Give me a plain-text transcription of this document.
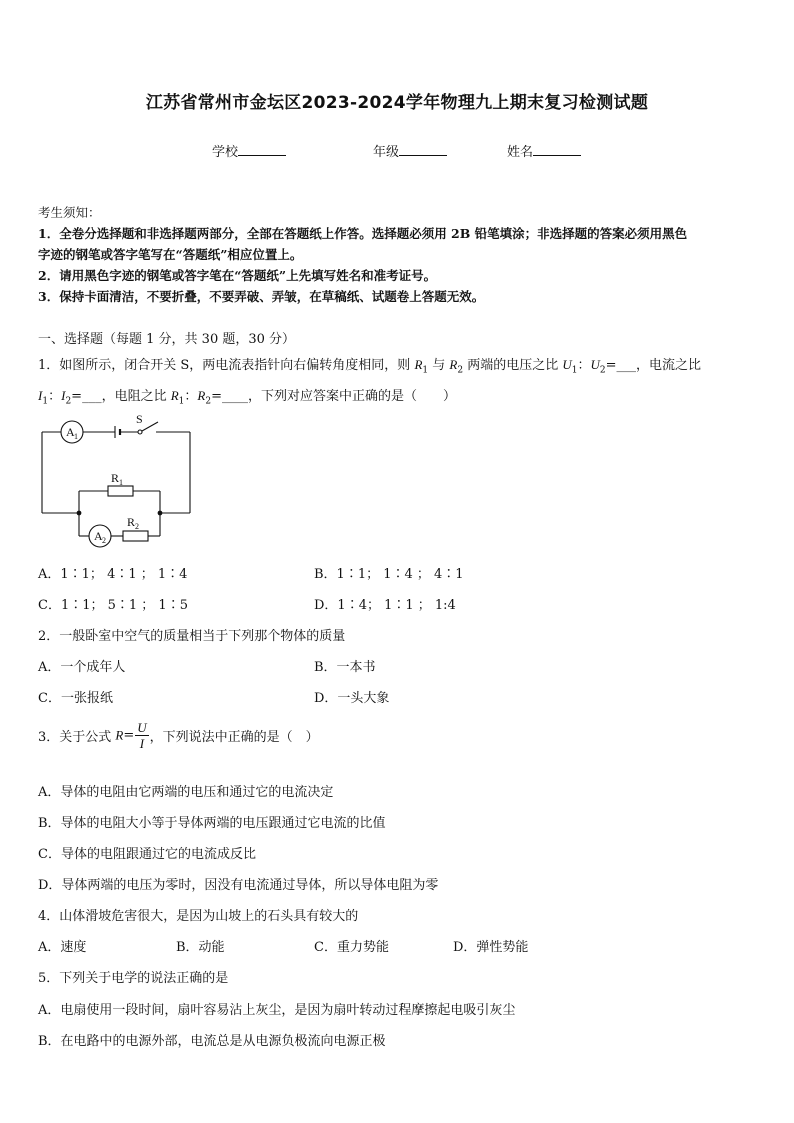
江苏省常州市金坛区2023-2024学年物理九上期末复习检测试题
学校	年级	姓名
考生须知：
1．全卷分选择题和非选择题两部分，全部在答题纸上作答。选择题必须用 2B 铅笔填涂；非选择题的答案必须用黑色
字迹的钢笔或答字笔写在“答题纸”相应位置上。
2．请用黑色字迹的钢笔或答字笔在“答题纸”上先填写姓名和准考证号。
3．保持卡面清洁，不要折叠，不要弄破、弄皱，在草稿纸、试题卷上答题无效。
一、选择题（每题 1 分，共 30 题，30 分）
1．如图所示，闭合开关 S，两电流表指针向右偏转角度相同，则 $R_1$ 与 $R_2$ 两端的电压之比 $U_1$：$U_2=\_\_\_$，电流之比
$I_1$：$I_2=\_\_\_$，电阻之比 $R_1$：$R_2=\_\_\_\_$，下列对应答案中正确的是（　　）
S
A 1
R 1
A 2
R 2
A．1∶1； 4∶1 ； 1∶4	B．1∶1； 1∶4 ； 4∶1
C．1∶1； 5∶1 ； 1∶5	D．1∶4； 1∶1 ； 1:4
2．一般卧室中空气的质量相当于下列那个物体的质量
A．一个成年人	B．一本书
C．一张报纸	D．一头大象
3．关于公式 $R= \frac{U}{I}$ ，下列说法中正确的是（　）
A．导体的电阻由它两端的电压和通过它的电流决定
B．导体的电阻大小等于导体两端的电压跟通过它电流的比值
C．导体的电阻跟通过它的电流成反比
D．导体两端的电压为零时，因没有电流通过导体，所以导体电阻为零
4．山体滑坡危害很大，是因为山坡上的石头具有较大的
A．速度	B．动能	C．重力势能	D．弹性势能
5．下列关于电学的说法正确的是
A．电扇使用一段时间，扇叶容易沾上灰尘，是因为扇叶转动过程摩擦起电吸引灰尘
B．在电路中的电源外部，电流总是从电源负极流向电源正极
